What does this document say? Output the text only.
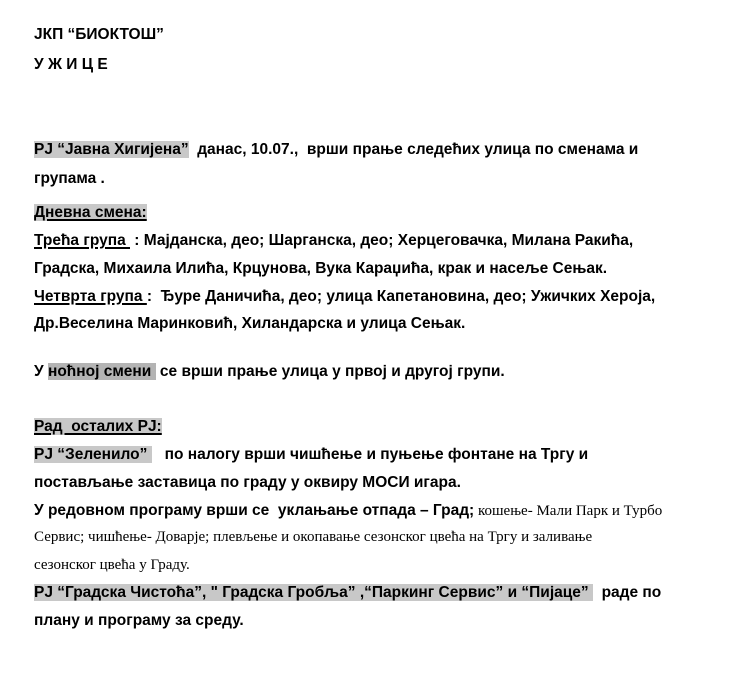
ЈКП “БИОКТОШ”
У Ж И Ц Е
РЈ “Јавна Хигијена”  данас, 10.07.,  врши прање следећих улица по сменама и
групама .
Дневна смена:
Трећа група  : Мајданска, део; Шарганска, део; Херцеговачка, Милана Ракића,
Градска, Михаила Илића, Крцунова, Вука Караџића, крак и насеље Сењак.
Четврта група :  Ђуре Даничића, део; улица Капетановина, део; Ужичких Хероја,
Др.Веселина Маринковић, Хиландарска и улица Сењак.
У ноћној смени  се врши прање улица у првој и другој групи.
Рад  осталих РЈ:
РЈ “Зеленило”    по налогу врши чишћење и пуњење фонтане на Тргу и
постављање заставица по граду у оквиру МОСИ игара.
У редовном програму врши се  уклањање отпада – Град; кошење- Мали Парк и Турбо
Сервис; чишћење- Доварје; плевљење и окопавање сезонског цвећа на Тргу и заливање
сезонског цвећа у Граду.
РЈ “Градска Чистоћа”, " Градска Гробља” ,“Паркинг Сервис” и “Пијаце”   раде по
плану и програму за среду.
